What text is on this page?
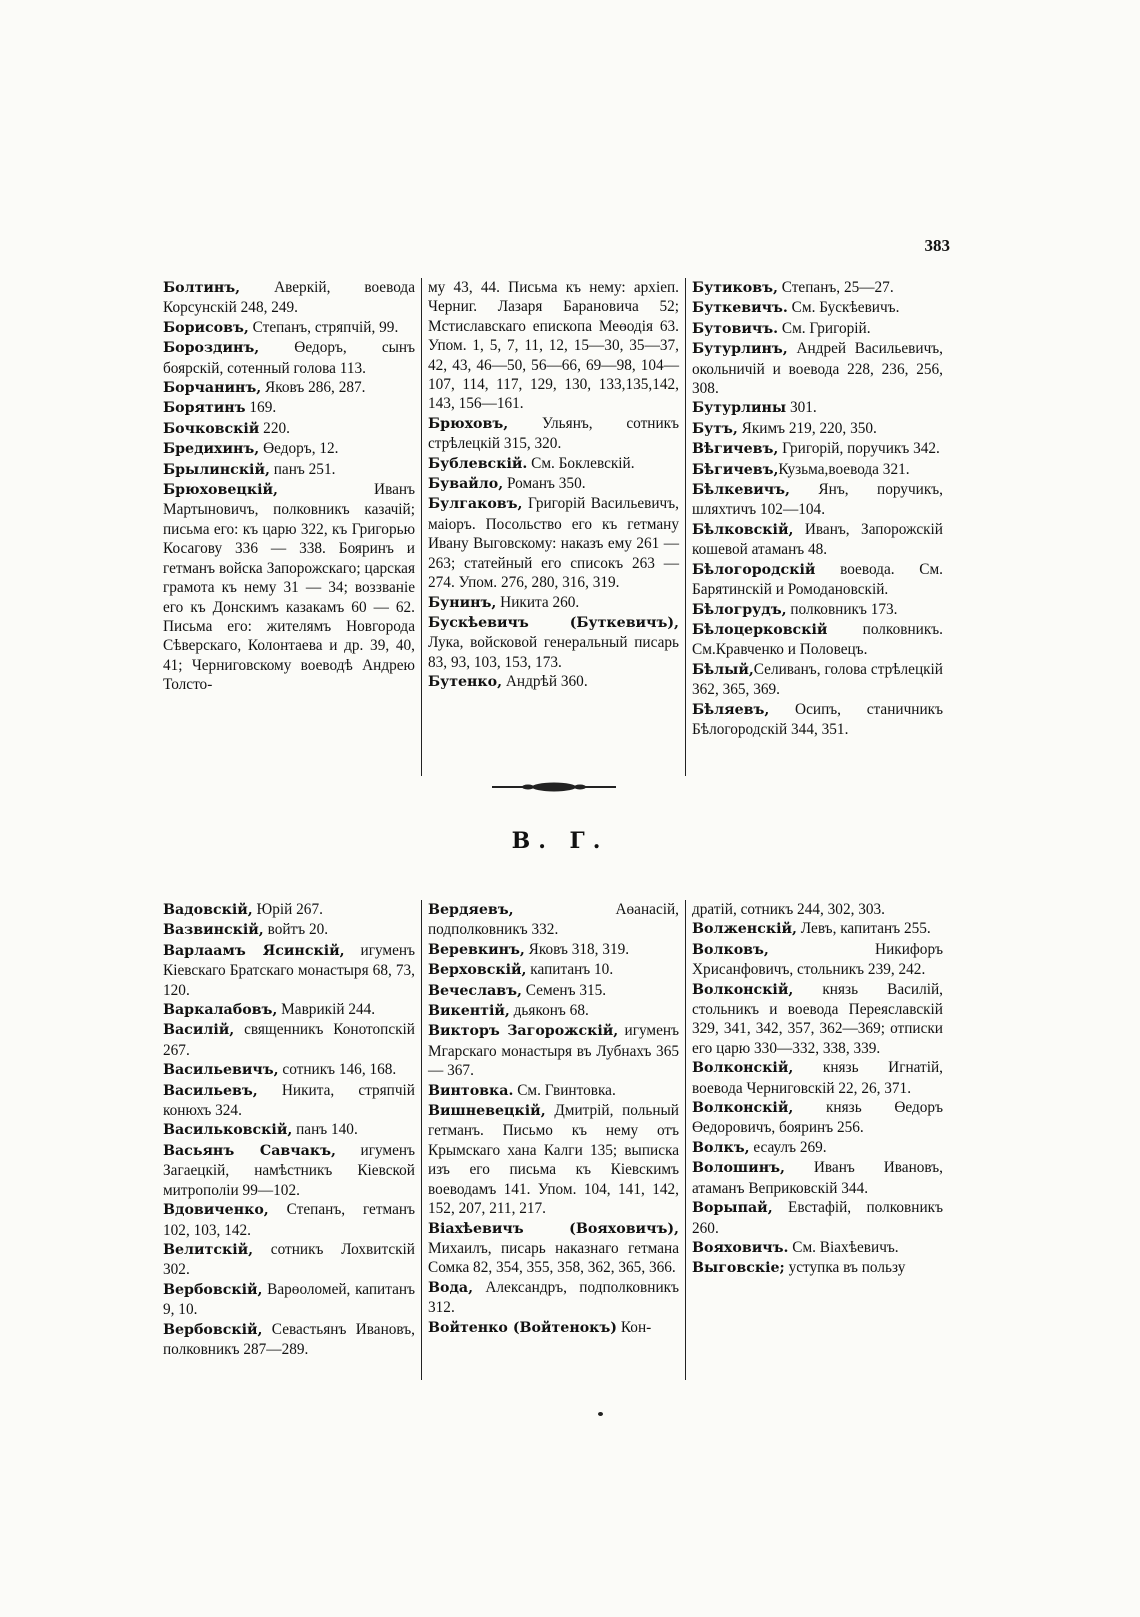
383
Болтинъ, Аверкій, воевода Корсунскій 248, 249.
Борисовъ, Степанъ, стряпчій, 99.
Бороздинъ, Өедоръ, сынъ боярскій, сотенный голова 113.
Борчанинъ, Яковъ 286, 287.
Борятинъ 169.
Бочковскій 220.
Бредихинъ, Өедоръ, 12.
Брылинскій, панъ 251.
Брюховецкій, Иванъ Мартыновичъ, полковникъ казачій; письма его: къ царю 322, къ Григорью Косагову 336 — 338. Бояринъ и гетманъ войска Запорожскаго; царская грамота къ нему 31 — 34; воззваніе его къ Донскимъ казакамъ 60 — 62. Письма его: жителямъ Новгорода Сѣверскаго, Колонтаева и др. 39, 40, 41; Черниговскому воеводѣ Андрею Толсто-
му 43, 44. Письма къ нему: архіеп. Черниг. Лазаря Барановича 52; Мстиславскаго епископа Меөодія 63. Упом. 1, 5, 7, 11, 12, 15—30, 35—37, 42, 43, 46—50, 56—66, 69—98, 104—107, 114, 117, 129, 130, 133,135,142, 143, 156—161.
Брюховъ, Ульянъ, сотникъ стрѣлецкій 315, 320.
Бублевскій. См. Боклевскій.
Бувайло, Романъ 350.
Булгаковъ, Григорій Васильевичъ, маіоръ. Посольство его къ гетману Ивану Выговскому: наказъ ему 261 — 263; статейный его списокъ 263 — 274. Упом. 276, 280, 316, 319.
Бунинъ, Никита 260.
Бускѣевичъ (Буткевичъ), Лука, войсковой генеральный писарь 83, 93, 103, 153, 173.
Бутенко, Андрѣй 360.
Бутиковъ, Степанъ, 25—27.
Буткевичъ. См. Бускѣевичъ.
Бутовичъ. См. Григорій.
Бутурлинъ, Андрей Васильевичъ, окольничій и воевода 228, 236, 256, 308.
Бутурлины 301.
Бутъ, Якимъ 219, 220, 350.
Вѣгичевъ, Григорій, поручикъ 342.
Бѣгичевъ,Кузьма,воевода 321.
Бѣлкевичъ, Янъ, поручикъ, шляхтичъ 102—104.
Бѣлковскій, Иванъ, Запорожскій кошевой атаманъ 48.
Бѣлогородскій воевода. См. Барятинскій и Ромодановскій.
Бѣлогрудъ, полковникъ 173.
Бѣлоцерковскій полковникъ. См.Кравченко и Половецъ.
Бѣлый,Селиванъ, голова стрѣлецкій 362, 365, 369.
Бѣляевъ, Осипъ, станичникъ Бѣлогородскій 344, 351.
В. Г.
Вадовскій, Юрій 267.
Вазвинскій, войтъ 20.
Варлаамъ Ясинскій, игуменъ Кіевскаго Братскаго монастыря 68, 73, 120.
Варкалабовъ, Маврикій 244.
Василій, священникъ Конотопскій 267.
Васильевичъ, сотникъ 146, 168.
Васильевъ, Никита, стряпчій конюхъ 324.
Васильковскій, панъ 140.
Васьянъ Савчакъ, игуменъ Загаецкій, намѣстникъ Кіевской митрополіи 99—102.
Вдовиченко, Степанъ, гетманъ 102, 103, 142.
Велитскій, сотникъ Лохвитскій 302.
Вербовскій, Варөоломей, капитанъ 9, 10.
Вербовскій, Севастьянъ Ивановъ, полковникъ 287—289.
Вердяевъ, Аөанасій, подполковникъ 332.
Веревкинъ, Яковъ 318, 319.
Верховскій, капитанъ 10.
Вечеславъ, Семенъ 315.
Викентій, дьяконъ 68.
Викторъ Загорожскій, игуменъ Мгарскаго монастыря въ Лубнахъ 365 — 367.
Винтовка. См. Гвинтовка.
Вишневецкій, Дмитрій, польный гетманъ. Письмо къ нему отъ Крымскаго хана Калги 135; выписка изъ его письма къ Кіевскимъ воеводамъ 141. Упом. 104, 141, 142, 152, 207, 211, 217.
Віахѣевичъ (Вояховичъ), Михаилъ, писарь наказнаго гетмана Сомка 82, 354, 355, 358, 362, 365, 366.
Вода, Александръ, подполковникъ 312.
Войтенко (Войтенокъ) Кон-
дратій, сотникъ 244, 302, 303.
Волженскій, Левъ, капитанъ 255.
Волковъ, Никифоръ Хрисанфовичъ, стольникъ 239, 242.
Волконскій, князь Василій, стольникъ и воевода Переяславскій 329, 341, 342, 357, 362—369; отписки его царю 330—332, 338, 339.
Волконскій, князь Игнатій, воевода Черниговскій 22, 26, 371.
Волконскій, князь Өедоръ Өедоровичъ, бояринъ 256.
Волкъ, есаулъ 269.
Волошинъ, Иванъ Ивановъ, атаманъ Веприковскій 344.
Ворыпай, Евстафій, полковникъ 260.
Вояховичъ. См. Віахѣевичъ.
Выговскіе; уступка въ пользу
